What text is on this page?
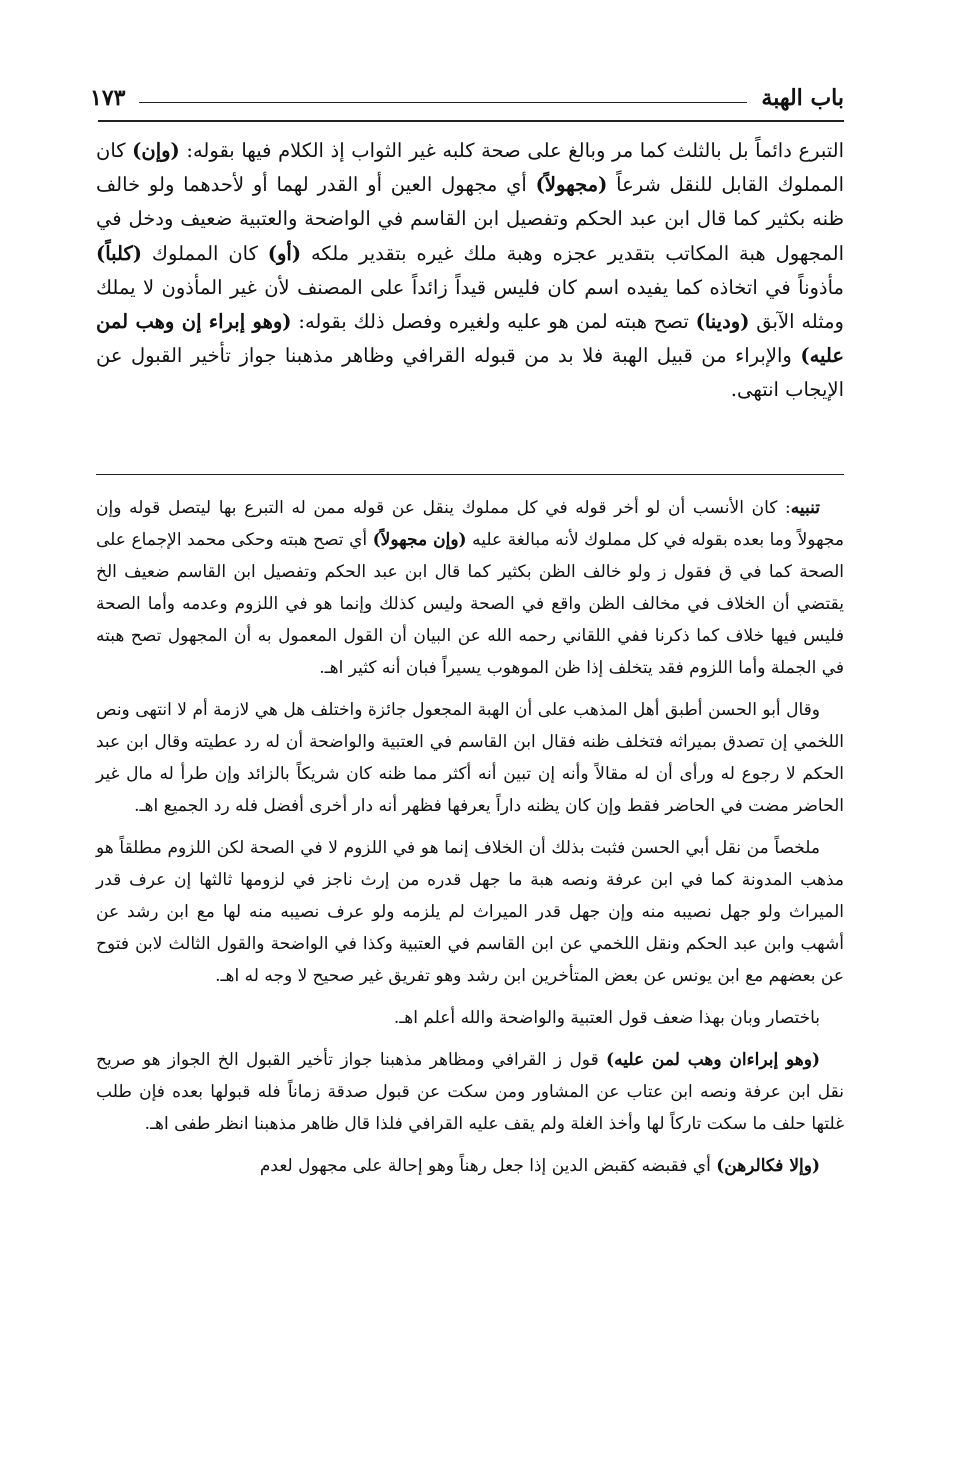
باب الهبة
١٧٣

التبرع دائماً بل بالثلث كما مر وبالغ على صحة كلبه غير الثواب إذ الكلام فيها بقوله: (وإن) كان المملوك القابل للنقل شرعاً (مجهولاً) أي مجهول العين أو القدر لهما أو لأحدهما ولو خالف ظنه بكثير كما قال ابن عبد الحكم وتفصيل ابن القاسم في الواضحة والعتبية ضعيف ودخل في المجهول هبة المكاتب بتقدير عجزه وهبة ملك غيره بتقدير ملكه (أو) كان المملوك (كلباً) مأذوناً في اتخاذه كما يفيده اسم كان فليس قيداً زائداً على المصنف لأن غير المأذون لا يملك ومثله الآبق (ودينا) تصح هبته لمن هو عليه ولغيره وفصل ذلك بقوله: (وهو إبراء إن وهب لمن عليه) والإبراء من قبيل الهبة فلا بد من قبوله القرافي وظاهر مذهبنا جواز تأخير القبول عن الإيجاب انتهى.

تنبيه: كان الأنسب أن لو أخر قوله في كل مملوك ينقل عن قوله ممن له التبرع بها ليتصل قوله وإن مجهولاً وما بعده بقوله في كل مملوك لأنه مبالغة عليه (وإن مجهولاً) أي تصح هبته وحكى محمد الإجماع على الصحة كما في ق فقول ز ولو خالف الظن بكثير كما قال ابن عبد الحكم وتفصيل ابن القاسم ضعيف الخ يقتضي أن الخلاف في مخالف الظن واقع في الصحة وليس كذلك وإنما هو في اللزوم وعدمه وأما الصحة فليس فيها خلاف كما ذكرنا ففي اللقاني رحمه الله عن البيان أن القول المعمول به أن المجهول تصح هبته في الجملة وأما اللزوم فقد يتخلف إذا ظن الموهوب يسيراً فبان أنه كثير اهـ.

وقال أبو الحسن أطبق أهل المذهب على أن الهبة المجعول جائزة واختلف هل هي لازمة أم لا انتهى ونص اللخمي إن تصدق بميراثه فتخلف ظنه فقال ابن القاسم في العتبية والواضحة أن له رد عطيته وقال ابن عبد الحكم لا رجوع له ورأى أن له مقالاً وأنه إن تبين أنه أكثر مما ظنه كان شريكاً بالزائد وإن طرأ له مال غير الحاضر مضت في الحاضر فقط وإن كان يظنه داراً يعرفها فظهر أنه دار أخرى أفضل فله رد الجميع اهـ.

ملخصاً من نقل أبي الحسن فثبت بذلك أن الخلاف إنما هو في اللزوم لا في الصحة لكن اللزوم مطلقاً هو مذهب المدونة كما في ابن عرفة ونصه هبة ما جهل قدره من إرث ناجز في لزومها ثالثها إن عرف قدر الميراث ولو جهل نصيبه منه وإن جهل قدر الميراث لم يلزمه ولو عرف نصيبه منه لها مع ابن رشد عن أشهب وابن عبد الحكم ونقل اللخمي عن ابن القاسم في العتبية وكذا في الواضحة والقول الثالث لابن فتوح عن بعضهم مع ابن يونس عن بعض المتأخرين ابن رشد وهو تفريق غير صحيح لا وجه له اهـ.

باختصار وبان بهذا ضعف قول العتبية والواضحة والله أعلم اهـ.

(وهو إبراءان وهب لمن عليه) قول ز القرافي ومظاهر مذهبنا جواز تأخير القبول الخ الجواز هو صريح نقل ابن عرفة ونصه ابن عتاب عن المشاور ومن سكت عن قبول صدقة زماناً فله قبولها بعده فإن طلب غلتها حلف ما سكت تاركاً لها وأخذ الغلة ولم يقف عليه القرافي فلذا قال ظاهر مذهبنا انظر طفى اهـ.

(وإلا فكالرهن) أي فقبضه كقبض الدين إذا جعل رهناً وهو إحالة على مجهول لعدم
